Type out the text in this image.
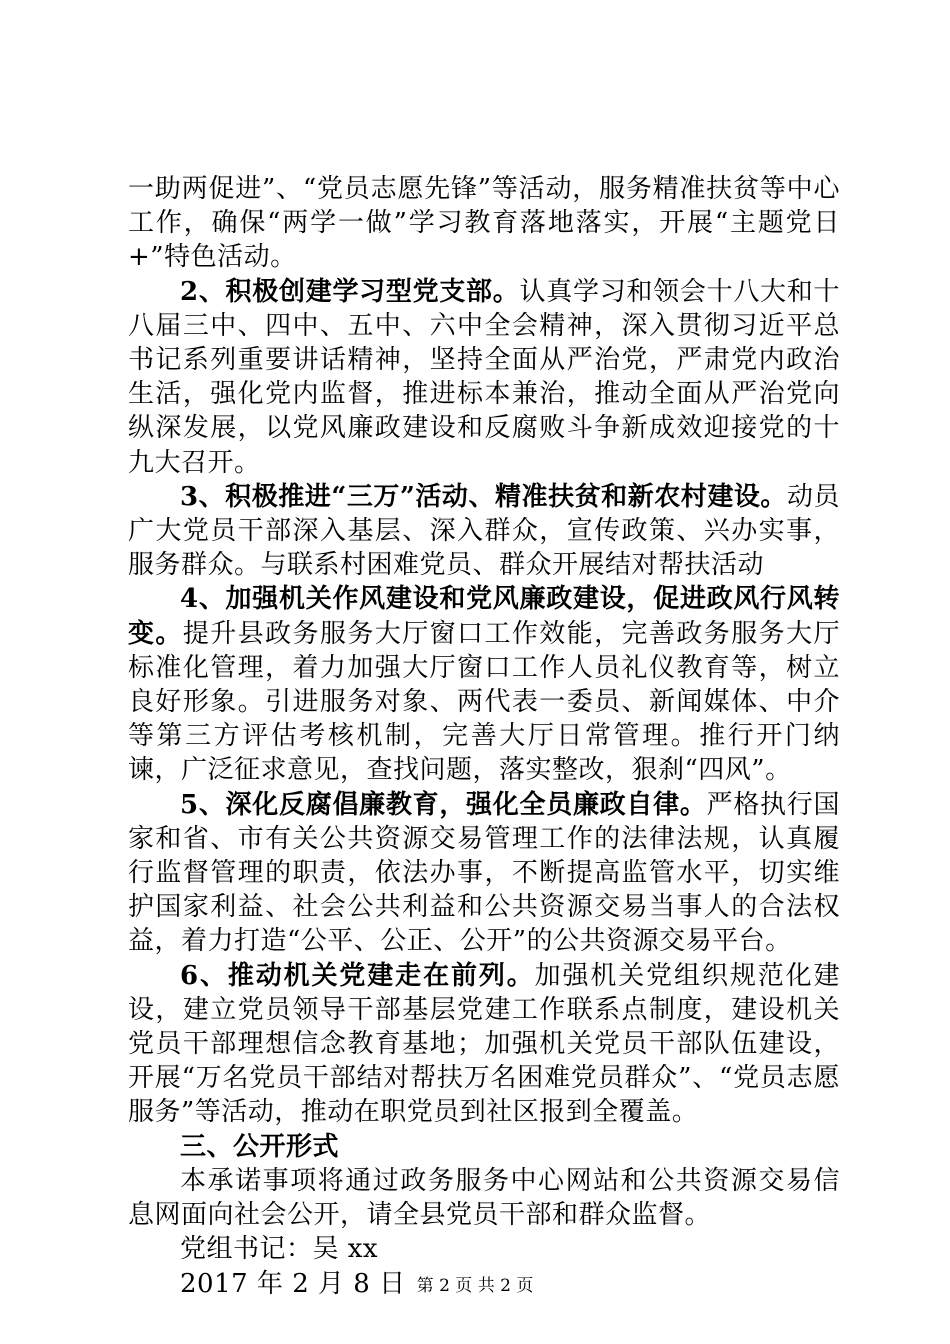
一助两促进”、“党员志愿先锋”等活动，服务精准扶贫等中心工作，确保“两学一做”学习教育落地落实，开展“主题党日+”特色活动。

2、积极创建学习型党支部。认真学习和领会十八大和十八届三中、四中、五中、六中全会精神，深入贯彻习近平总书记系列重要讲话精神，坚持全面从严治党，严肃党内政治生活，强化党内监督，推进标本兼治，推动全面从严治党向纵深发展，以党风廉政建设和反腐败斗争新成效迎接党的十九大召开。

3、积极推进“三万”活动、精准扶贫和新农村建设。动员广大党员干部深入基层、深入群众，宣传政策、兴办实事，服务群众。与联系村困难党员、群众开展结对帮扶活动

4、加强机关作风建设和党风廉政建设，促进政风行风转变。提升县政务服务大厅窗口工作效能，完善政务服务大厅标准化管理，着力加强大厅窗口工作人员礼仪教育等，树立良好形象。引进服务对象、两代表一委员、新闻媒体、中介等第三方评估考核机制，完善大厅日常管理。推行开门纳谏，广泛征求意见，查找问题，落实整改，狠刹“四风”。

5、深化反腐倡廉教育，强化全员廉政自律。严格执行国家和省、市有关公共资源交易管理工作的法律法规，认真履行监督管理的职责，依法办事，不断提高监管水平，切实维护国家利益、社会公共利益和公共资源交易当事人的合法权益，着力打造“公平、公正、公开”的公共资源交易平台。

6、推动机关党建走在前列。加强机关党组织规范化建设，建立党员领导干部基层党建工作联系点制度，建设机关党员干部理想信念教育基地；加强机关党员干部队伍建设，开展“万名党员干部结对帮扶万名困难党员群众”、“党员志愿服务”等活动，推动在职党员到社区报到全覆盖。

三、公开形式

本承诺事项将通过政务服务中心网站和公共资源交易信息网面向社会公开，请全县党员干部和群众监督。

党组书记：吴 xx

2017 年 2 月 8 日 第 2 页 共 2 页
